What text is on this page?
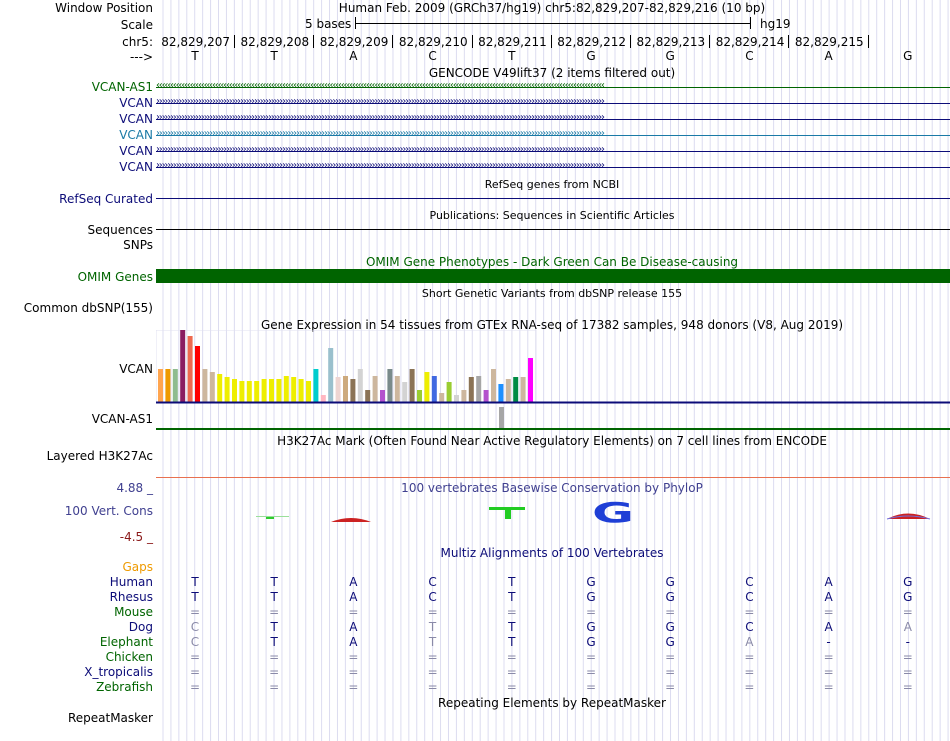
Window Position	Human Feb. 2009 (GRCh37/hg19) chr5:82,829,207-82,829,216 (10 bp)
Scale	5 bases	hg19
chr5: 82,829,207 82,829,208 82,829,209 82,829,210 82,829,211 82,829,212 82,829,213 82,829,214 82,829,215
--->	T	T	A	C	T	G	G	C	A	G
GENCODE V49lift37 (2 items filtered out)
VCAN-AS1 ‹‹‹‹‹‹‹‹‹‹‹‹‹‹‹‹‹‹‹‹‹‹‹‹‹‹‹‹‹‹‹‹‹‹‹‹‹‹‹‹‹‹‹‹‹‹‹‹‹‹‹‹‹‹‹‹‹‹‹‹‹‹‹‹‹‹‹‹‹‹‹‹‹‹‹‹‹‹‹‹‹‹‹‹‹‹‹‹‹‹‹‹‹‹‹‹‹‹‹‹‹‹‹‹‹‹‹‹‹‹‹‹‹‹‹‹‹‹‹‹‹‹‹‹‹‹‹‹‹‹‹‹‹‹‹‹‹‹‹‹‹‹‹‹‹‹‹‹‹‹‹‹‹‹‹‹‹‹‹‹
VCAN ››››››››››››››››››››››››››››››››››››››››››››››››››››››››››››››››››››››››››››››››››››››››››››››››››››››››››››››››››››››››››››››››››››››››››››››››››››››››››››››››
VCAN ››››››››››››››››››››››››››››››››››››››››››››››››››››››››››››››››››››››››››››››››››››››››››››››››››››››››››››››››››››››››››››››››››››››››››››››››››››››››››››››››
VCAN ››››››››››››››››››››››››››››››››››››››››››››››››››››››››››››››››››››››››››››››››››››››››››››››››››››››››››››››››››››››››››››››››››››››››››››››››››››››››››››››››
VCAN ››››››››››››››››››››››››››››››››››››››››››››››››››››››››››››››››››››››››››››››››››››››››››››››››››››››››››››››››››››››››››››››››››››››››››››››››››››››››››››››››
VCAN ››››››››››››››››››››››››››››››››››››››››››››››››››››››››››››››››››››››››››››››››››››››››››››››››››››››››››››››››››››››››››››››››››››››››››››››››››››››››››››››››
RefSeq genes from NCBI
RefSeq Curated
Publications: Sequences in Scientific Articles
Sequences
SNPs
OMIM Gene Phenotypes - Dark Green Can Be Disease-causing
OMIM Genes
Short Genetic Variants from dbSNP release 155
Common dbSNP(155)
Gene Expression in 54 tissues from GTEx RNA-seq of 17382 samples, 948 donors (V8, Aug 2019)
VCAN
VCAN-AS1
H3K27Ac Mark (Often Found Near Active Regulatory Elements) on 7 cell lines from ENCODE
Layered H3K27Ac
4.88 _	100 vertebrates Basewise Conservation by PhyloP
100 Vert. Cons
-4.5 _
G
Multiz Alignments of 100 Vertebrates
Gaps
Human	T	T	A	C	T	G	G	C	A	G
Rhesus	T	T	A	C	T	G	G	C	A	G
Mouse	=	=	=	=	=	=	=	=	=	=
Dog	C	T	A	T	T	G	G	C	A	A
Elephant	C	T	A	T	T	G	G	A	-	-
Chicken	=	=	=	=	=	=	=	=	=	=
X_tropicalis	=	=	=	=	=	=	=	=	=	=
Zebrafish	=	=	=	=	=	=	=	=	=	=
Repeating Elements by RepeatMasker
RepeatMasker
